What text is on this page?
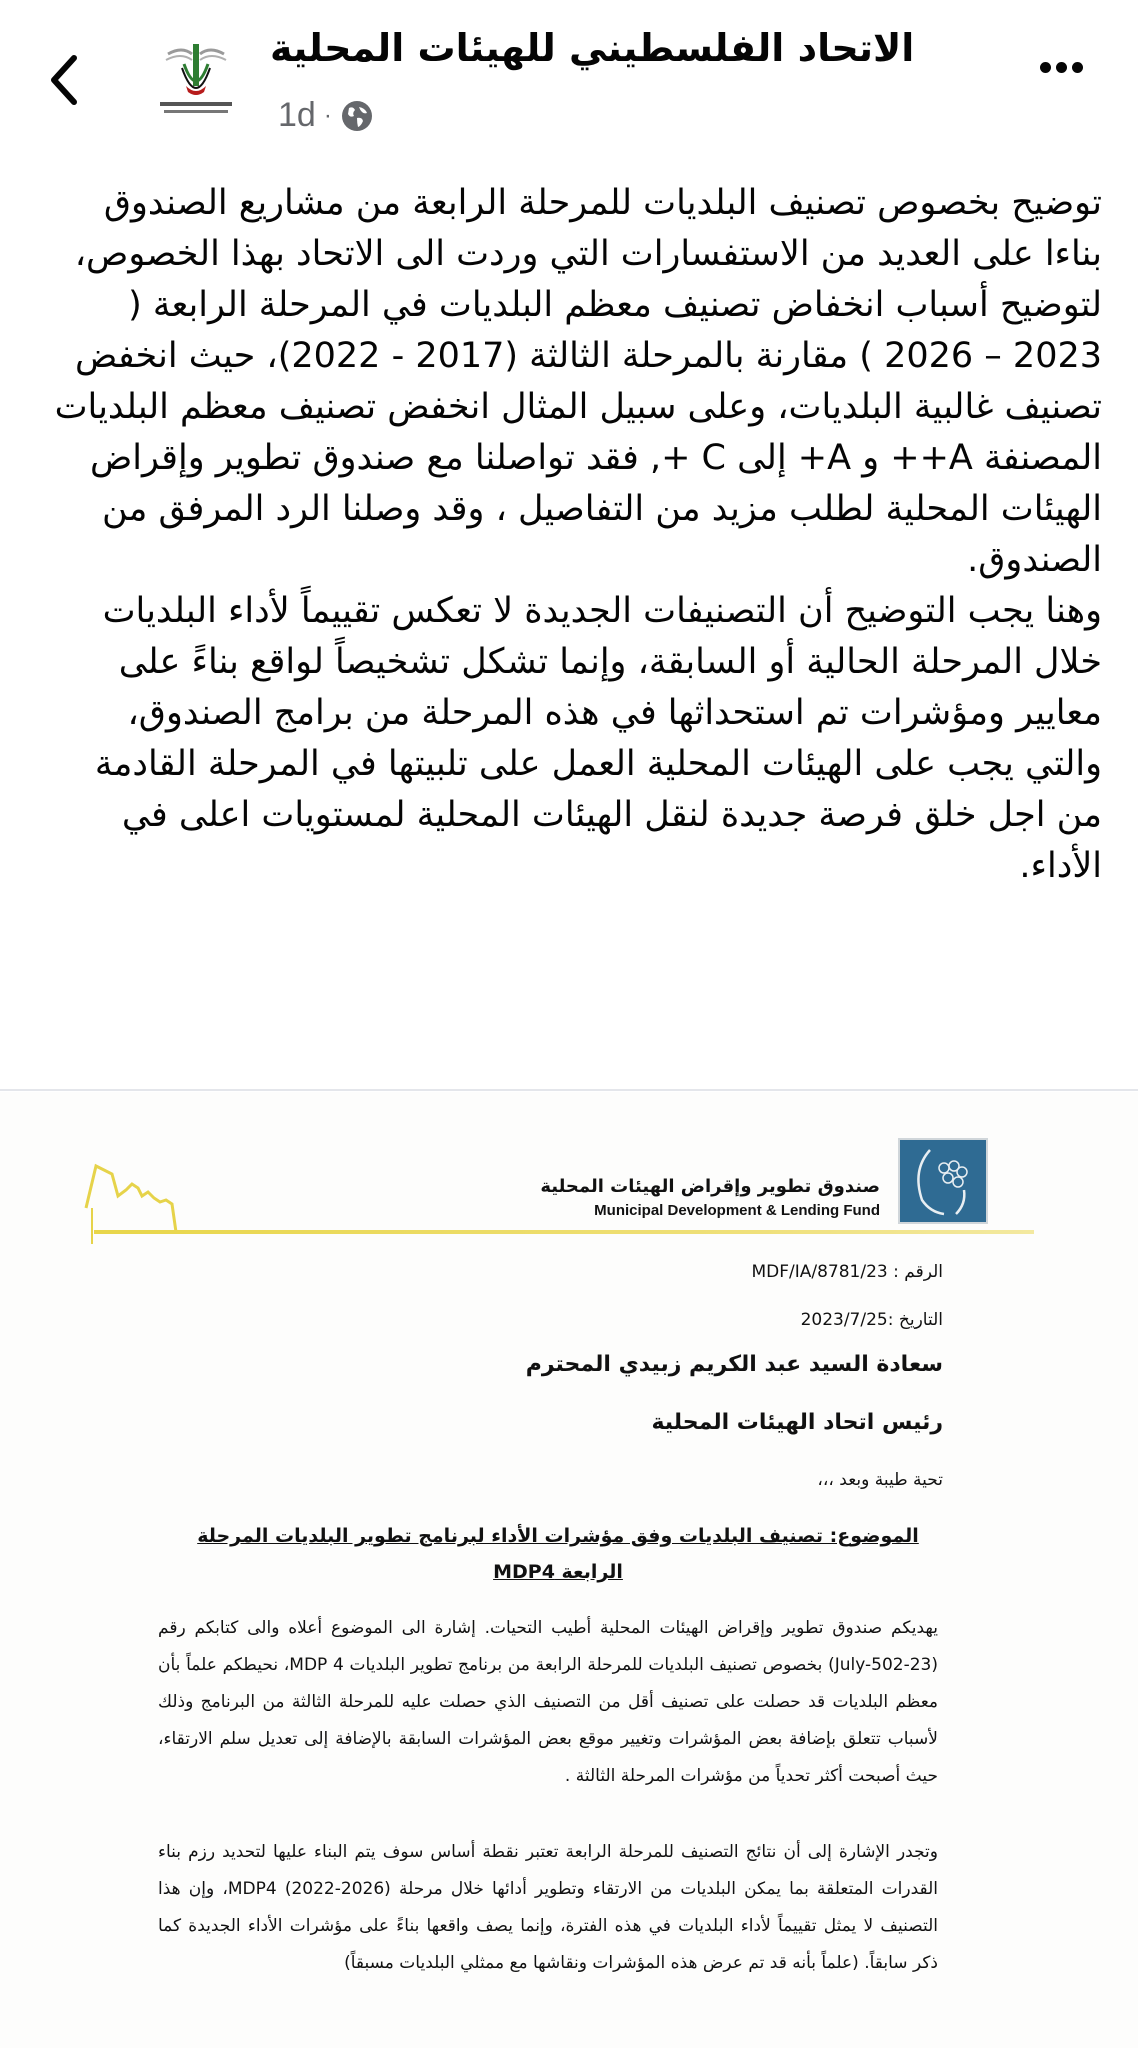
الاتحاد الفلسطيني للهيئات المحلية
1d ·

توضيح بخصوص تصنيف البلديات للمرحلة الرابعة من مشاريع الصندوق

بناءا على العديد من الاستفسارات التي وردت الى الاتحاد بهذا الخصوص، لتوضيح أسباب انخفاض تصنيف معظم البلديات في المرحلة الرابعة ( 2023 – 2026 ) مقارنة بالمرحلة الثالثة (2017 - 2022)، حيث انخفض تصنيف غالبية البلديات، وعلى سبيل المثال انخفض تصنيف معظم البلديات المصنفة A++ و A+ إلى C +, فقد تواصلنا مع صندوق تطوير وإقراض الهيئات المحلية لطلب مزيد من التفاصيل ، وقد وصلنا الرد المرفق من الصندوق.

وهنا يجب التوضيح أن التصنيفات الجديدة لا تعكس تقييماً لأداء البلديات خلال المرحلة الحالية أو السابقة، وإنما تشكل تشخيصاً لواقع بناءً على معايير ومؤشرات تم استحداثها في هذه المرحلة من برامج الصندوق، والتي يجب على الهيئات المحلية العمل على تلبيتها في المرحلة القادمة من اجل خلق فرصة جديدة لنقل الهيئات المحلية لمستويات اعلى في الأداء.

صندوق تطوير وإقراض الهيئات المحلية
Municipal Development & Lending Fund
الرقم : MDF/IA/8781/23
التاريخ :2023/7/25
سعادة السيد عبد الكريم زبيدي المحترم
رئيس اتحاد الهيئات المحلية
تحية طيبة وبعد ،،،
الموضوع: تصنيف البلديات وفق مؤشرات الأداء لبرنامج تطوير البلديات المرحلة الرابعة MDP4
يهديكم صندوق تطوير وإقراض الهيئات المحلية أطيب التحيات. إشارة الى الموضوع أعلاه والى كتابكم رقم (July-502-23) بخصوص تصنيف البلديات للمرحلة الرابعة من برنامج تطوير البلديات MDP 4، نحيطكم علماً بأن معظم البلديات قد حصلت على تصنيف أقل من التصنيف الذي حصلت عليه للمرحلة الثالثة من البرنامج وذلك لأسباب تتعلق بإضافة بعض المؤشرات وتغيير موقع بعض المؤشرات السابقة بالإضافة إلى تعديل سلم الارتقاء، حيث أصبحت أكثر تحدياً من مؤشرات المرحلة الثالثة .
وتجدر الإشارة إلى أن نتائج التصنيف للمرحلة الرابعة تعتبر نقطة أساس سوف يتم البناء عليها لتحديد رزم بناء القدرات المتعلقة بما يمكن البلديات من الارتقاء وتطوير أدائها خلال مرحلة MDP4 (2022-2026)، وإن هذا التصنيف لا يمثل تقييماً لأداء البلديات في هذه الفترة، وإنما يصف واقعها بناءً على مؤشرات الأداء الجديدة كما ذكر سابقاً. (علماً بأنه قد تم عرض هذه المؤشرات ونقاشها مع ممثلي البلديات مسبقاً)
